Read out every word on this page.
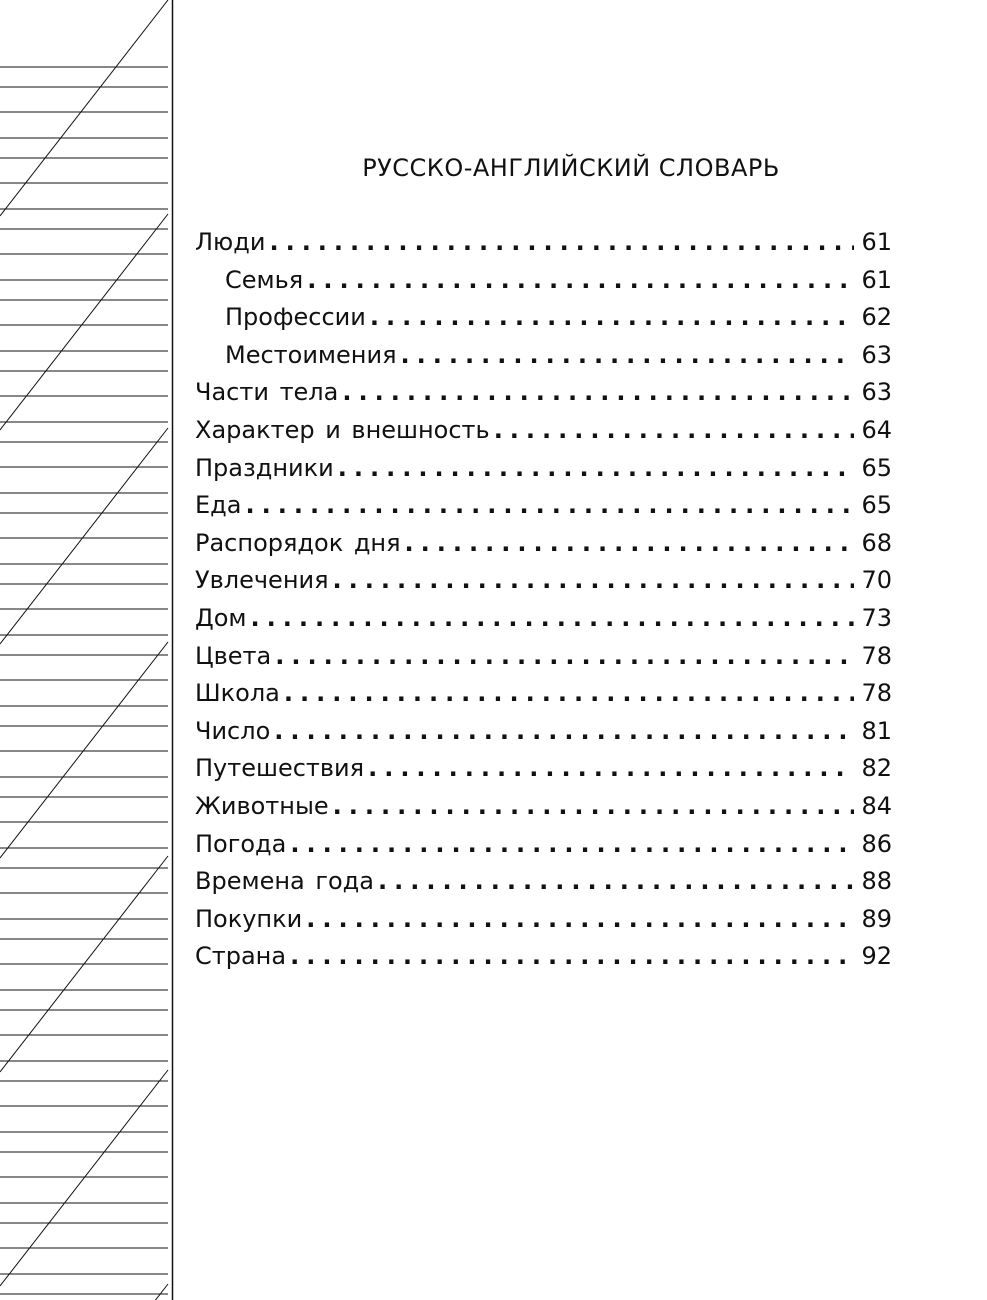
РУССКО-АНГЛИЙСКИЙ СЛОВАРЬ
Люди .....	61
Семья .....	61
Профессии .....	62
Местоимения .....	63
Части тела .....	63
Характер и внешность .....	64
Праздники .....	65
Еда .....	65
Распорядок дня .....	68
Увлечения .....	70
Дом .....	73
Цвета .....	78
Школа .....	78
Число .....	81
Путешествия .....	82
Животные .....	84
Погода .....	86
Времена года .....	88
Покупки .....	89
Страна .....	92
